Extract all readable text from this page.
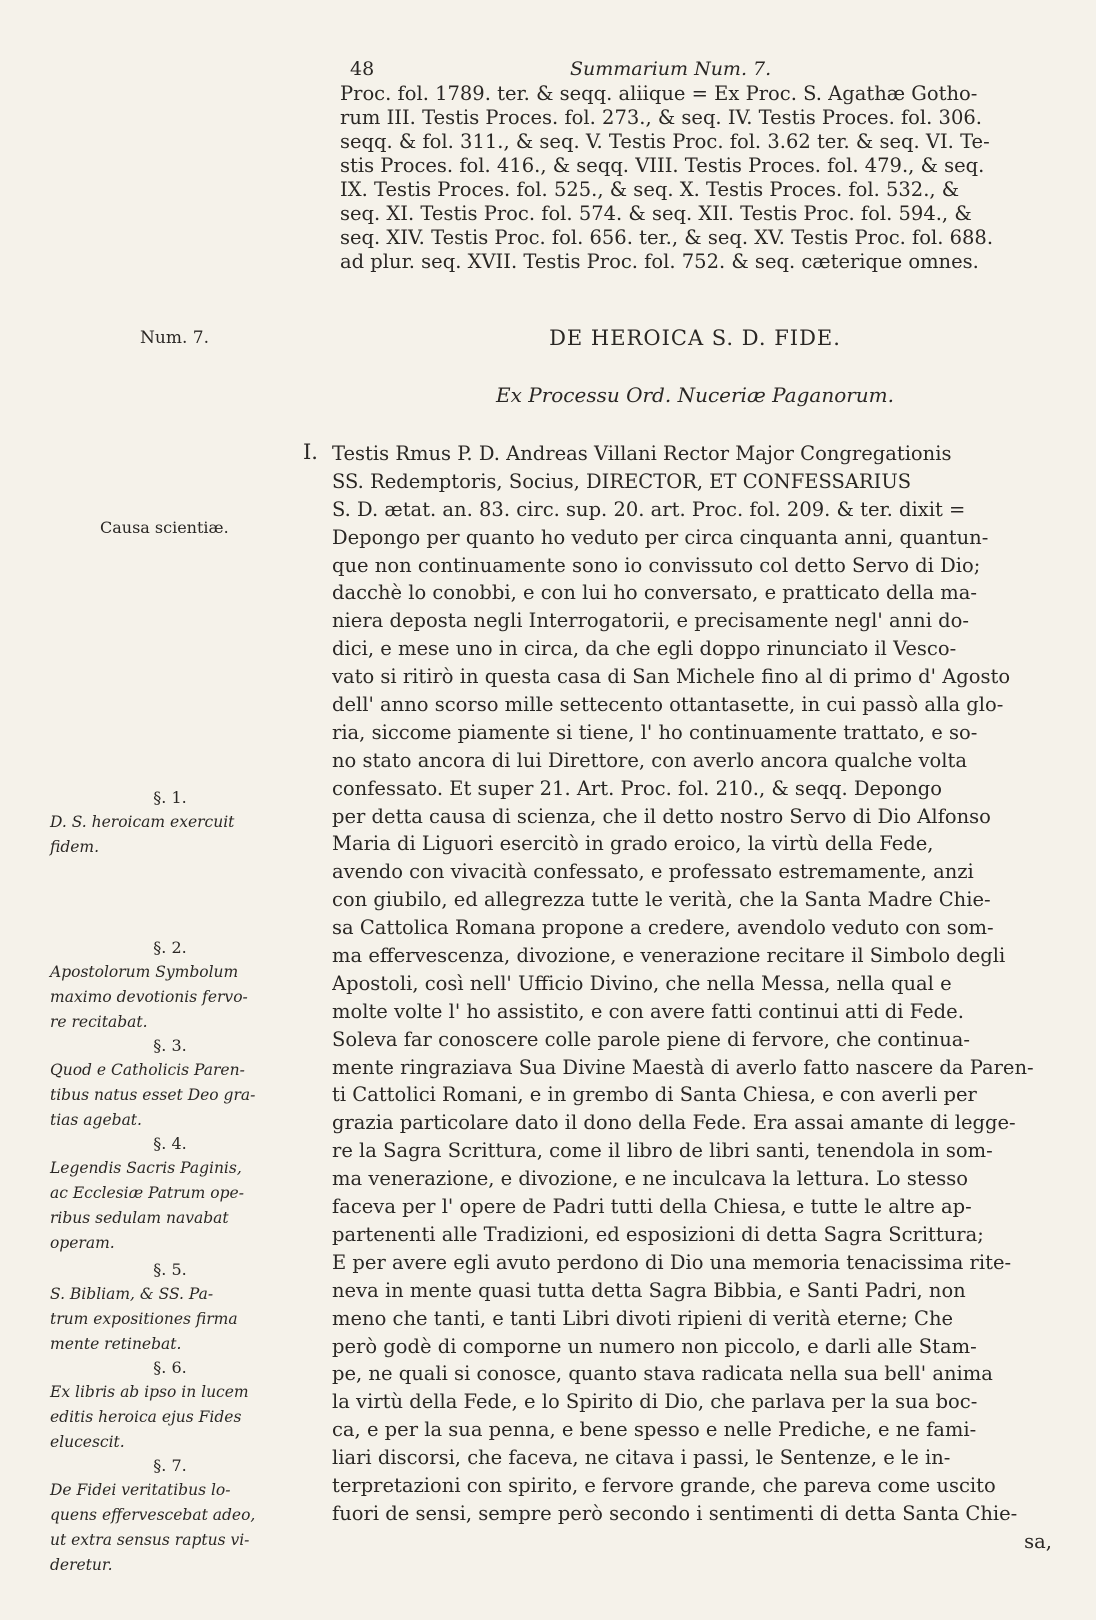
48	Summarium Num. 7.
Proc. fol. 1789. ter. & seqq. aliique = Ex Proc. S. Agathæ Gotho-
rum III. Testis Proces. fol. 273., & seq. IV. Testis Proces. fol. 306.
seqq. & fol. 311., & seq. V. Testis Proc. fol. 3.62 ter. & seq. VI. Te-
stis Proces. fol. 416., & seqq. VIII. Testis Proces. fol. 479., & seq.
IX. Testis Proces. fol. 525., & seq. X. Testis Proces. fol. 532., &
seq. XI. Testis Proc. fol. 574. & seq. XII. Testis Proc. fol. 594., &
seq. XIV. Testis Proc. fol. 656. ter., & seq. XV. Testis Proc. fol. 688.
ad plur. seq. XVII. Testis Proc. fol. 752. & seq. cæterique omnes.
Num. 7.	DE HEROICA S. D. FIDE.
Ex Processu Ord. Nuceriæ Paganorum.
I. Testis Rmus P. D. Andreas Villani Rector Major Congregationis
SS. Redemptoris, Socius, DIRECTOR, ET CONFESSARIUS
S. D. ætat. an. 83. circ. sup. 20. art. Proc. fol. 209. & ter. dixit =
Depongo per quanto ho veduto per circa cinquanta anni, quantun-
que non continuamente sono io convissuto col detto Servo di Dio;
dacchè lo conobbi, e con lui ho conversato, e pratticato della ma-
niera deposta negli Interrogatorii, e precisamente negl' anni do-
dici, e mese uno in circa, da che egli doppo rinunciato il Vesco-
vato si ritirò in questa casa di San Michele fino al di primo d' Agosto
dell' anno scorso mille settecento ottantasette, in cui passò alla glo-
ria, siccome piamente si tiene, l' ho continuamente trattato, e so-
no stato ancora di lui Direttore, con averlo ancora qualche volta
confessato. Et super 21. Art. Proc. fol. 210., & seqq. Depongo
per detta causa di scienza, che il detto nostro Servo di Dio Alfonso
Maria di Liguori esercitò in grado eroico, la virtù della Fede,
avendo con vivacità confessato, e professato estremamente, anzi
con giubilo, ed allegrezza tutte le verità, che la Santa Madre Chie-
sa Cattolica Romana propone a credere, avendolo veduto con som-
ma effervescenza, divozione, e venerazione recitare il Simbolo degli
Apostoli, così nell' Ufficio Divino, che nella Messa, nella qual e
molte volte l' ho assistito, e con avere fatti continui atti di Fede.
Soleva far conoscere colle parole piene di fervore, che continua-
mente ringraziava Sua Divine Maestà di averlo fatto nascere da Paren-
ti Cattolici Romani, e in grembo di Santa Chiesa, e con averli per
grazia particolare dato il dono della Fede. Era assai amante di legge-
re la Sagra Scrittura, come il libro de libri santi, tenendola in som-
ma venerazione, e divozione, e ne inculcava la lettura. Lo stesso
faceva per l' opere de Padri tutti della Chiesa, e tutte le altre ap-
partenenti alle Tradizioni, ed esposizioni di detta Sagra Scrittura;
E per avere egli avuto perdono di Dio una memoria tenacissima rite-
neva in mente quasi tutta detta Sagra Bibbia, e Santi Padri, non
meno che tanti, e tanti Libri divoti ripieni di verità eterne; Che
però godè di comporne un numero non piccolo, e darli alle Stam-
pe, ne quali si conosce, quanto stava radicata nella sua bell' anima
la virtù della Fede, e lo Spirito di Dio, che parlava per la sua boc-
ca, e per la sua penna, e bene spesso e nelle Prediche, e ne fami-
liari discorsi, che faceva, ne citava i passi, le Sentenze, e le in-
terpretazioni con spirito, e fervore grande, che pareva come uscito
fuori de sensi, sempre però secondo i sentimenti di detta Santa Chie-
sa,
Causa scientiæ.
§. 1.
D. S. heroicam exercuit
fidem.
§. 2.
Apostolorum Symbolum
maximo devotionis fervo-
re recitabat.
§. 3.
Quod e Catholicis Paren-
tibus natus esset Deo gra-
tias agebat.
§. 4.
Legendis Sacris Paginis,
ac Ecclesiæ Patrum ope-
ribus sedulam navabat
operam.
§. 5.
S. Bibliam, & SS. Pa-
trum expositiones firma
mente retinebat.
§. 6.
Ex libris ab ipso in lucem
editis heroica ejus Fides
elucescit.
§. 7.
De Fidei veritatibus lo-
quens effervescebat adeo,
ut extra sensus raptus vi-
deretur.
